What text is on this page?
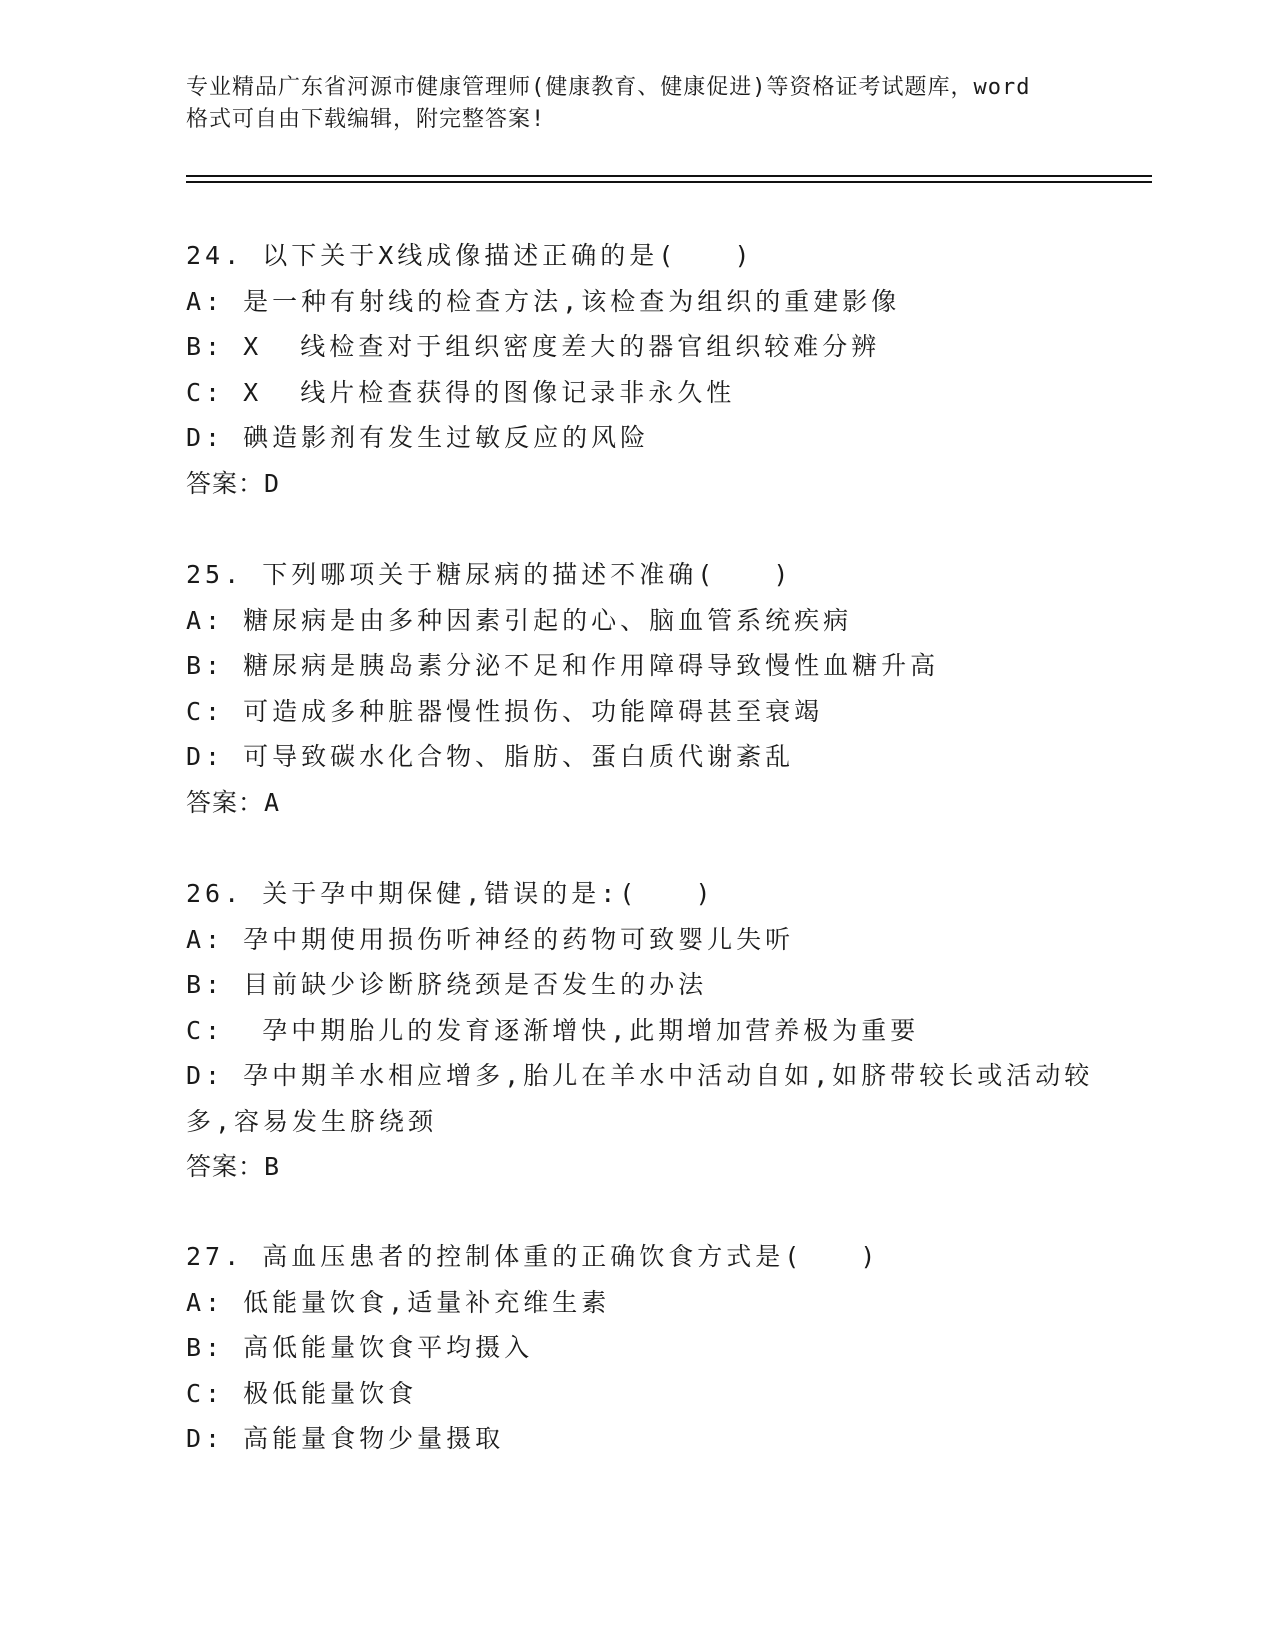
专业精品广东省河源市健康管理师(健康教育、健康促进)等资格证考试题库，word
格式可自由下载编辑，附完整答案!
24. 以下关于X线成像描述正确的是(   )
A: 是一种有射线的检查方法,该检查为组织的重建影像
B: X  线检查对于组织密度差大的器官组织较难分辨
C: X  线片检查获得的图像记录非永久性
D: 碘造影剂有发生过敏反应的风险
答案：D
25. 下列哪项关于糖尿病的描述不准确(   )
A: 糖尿病是由多种因素引起的心、脑血管系统疾病
B: 糖尿病是胰岛素分泌不足和作用障碍导致慢性血糖升高
C: 可造成多种脏器慢性损伤、功能障碍甚至衰竭
D: 可导致碳水化合物、脂肪、蛋白质代谢紊乱
答案：A
26. 关于孕中期保健,错误的是:(   )
A: 孕中期使用损伤听神经的药物可致婴儿失听
B: 目前缺少诊断脐绕颈是否发生的办法
C:  孕中期胎儿的发育逐渐增快,此期增加营养极为重要
D: 孕中期羊水相应增多,胎儿在羊水中活动自如,如脐带较长或活动较
多,容易发生脐绕颈
答案：B
27. 高血压患者的控制体重的正确饮食方式是(   )
A: 低能量饮食,适量补充维生素
B: 高低能量饮食平均摄入
C: 极低能量饮食
D: 高能量食物少量摄取
